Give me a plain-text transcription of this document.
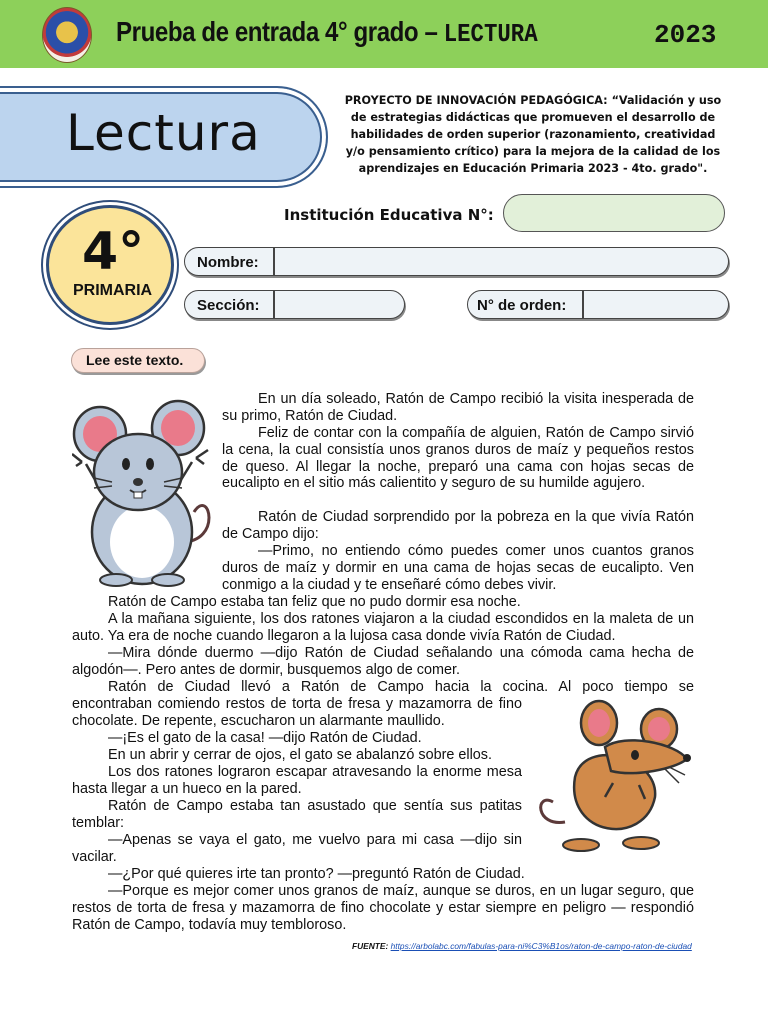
Prueba de entrada 4° grado – LECTURA	2023
Lectura
PROYECTO DE INNOVACIÓN PEDAGÓGICA: “Validación y uso de estrategias didácticas que promueven el desarrollo de habilidades de orden superior (razonamiento, creatividad y/o pensamiento crítico) para la mejora de la calidad de los aprendizajes en Educación Primaria 2023 - 4to. grado".
4°
PRIMARIA
Institución Educativa N°:
Nombre:
Sección:	N° de orden:
Lee este texto.
En un día soleado, Ratón de Campo recibió la visita inesperada de su primo, Ratón de Ciudad.
Feliz de contar con la compañía de alguien, Ratón de Campo sirvió la cena, la cual consistía unos granos duros de maíz y pequeños restos de queso. Al llegar la noche, preparó una cama con hojas secas de eucalipto en el sitio más calientito y seguro de su humilde agujero.
Ratón de Ciudad sorprendido por la pobreza en la que vivía Ratón de Campo dijo:
—Primo, no entiendo cómo puedes comer unos cuantos granos duros de maíz y dormir en una cama de hojas secas de eucalipto. Ven conmigo a la ciudad y te enseñaré cómo debes vivir.
Ratón de Campo estaba tan feliz que no pudo dormir esa noche.
A la mañana siguiente, los dos ratones viajaron a la ciudad escondidos en la maleta de un auto. Ya era de noche cuando llegaron a la lujosa casa donde vivía Ratón de Ciudad.
—Mira dónde duermo —dijo Ratón de Ciudad señalando una cómoda cama hecha de algodón—. Pero antes de dormir, busquemos algo de comer.
Ratón de Ciudad llevó a Ratón de Campo hacia la cocina. Al poco tiempo se
encontraban comiendo restos de torta de fresa y mazamorra de fino chocolate. De repente, escucharon un alarmante maullido.
—¡Es el gato de la casa! —dijo Ratón de Ciudad.
En un abrir y cerrar de ojos, el gato se abalanzó sobre ellos.
Los dos ratones lograron escapar atravesando la enorme mesa hasta llegar a un hueco en la pared.
Ratón de Campo estaba tan asustado que sentía sus patitas temblar:
—Apenas se vaya el gato, me vuelvo para mi casa —dijo sin vacilar.
—¿Por qué quieres irte tan pronto? —preguntó Ratón de Ciudad.
—Porque es mejor comer unos granos de maíz, aunque se duros, en un lugar seguro, que restos de torta de fresa y mazamorra de fino chocolate y estar siempre en peligro — respondió Ratón de Campo, todavía muy tembloroso.
FUENTE: https://arbolabc.com/fabulas-para-ni%C3%B1os/raton-de-campo-raton-de-ciudad
